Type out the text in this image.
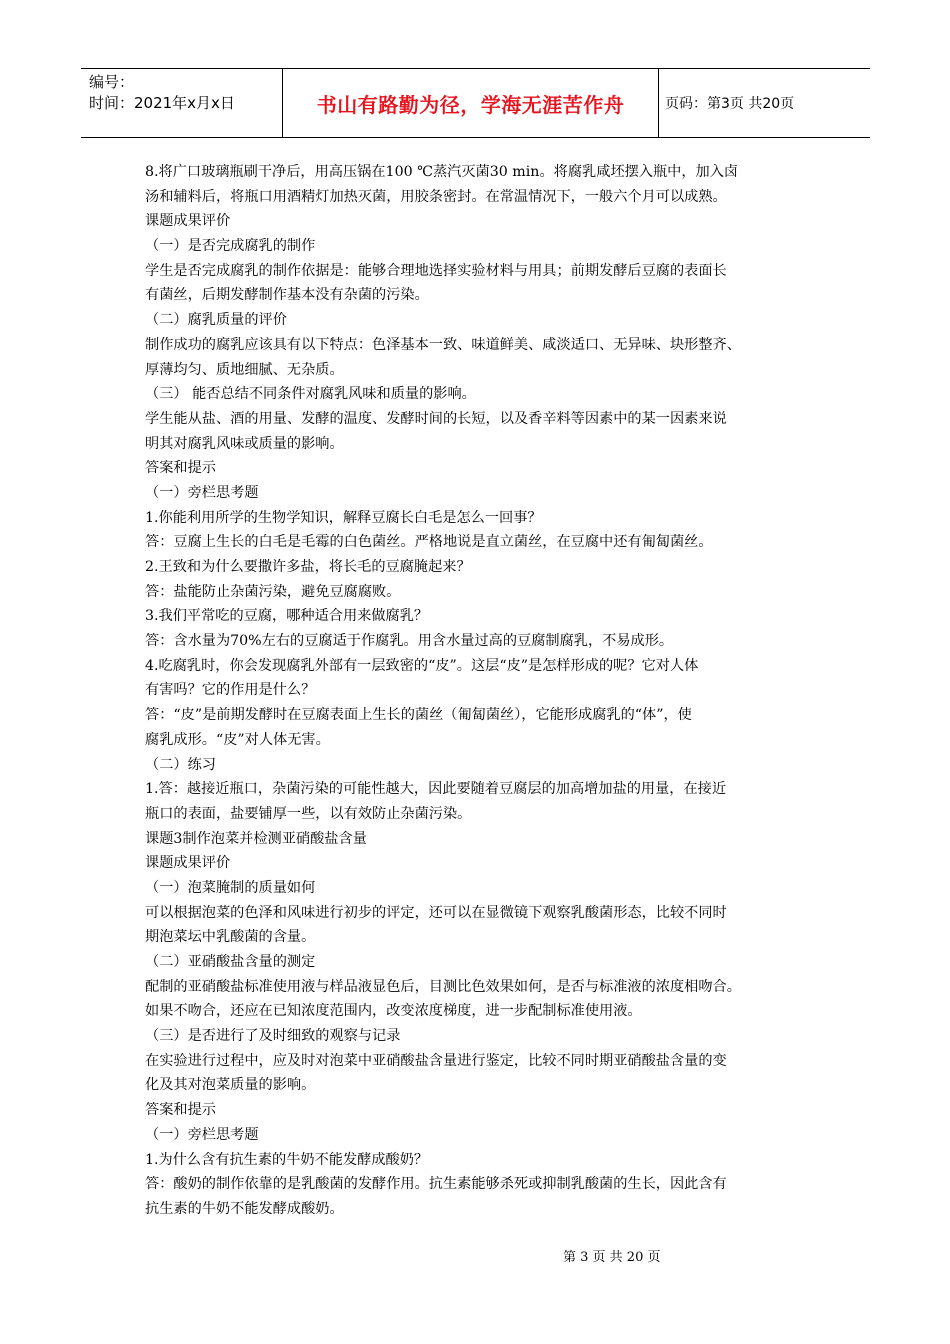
编号：
时间：2021年x月x日	书山有路勤为径，学海无涯苦作舟	页码：第3页 共20页
8.将广口玻璃瓶刷干净后，用高压锅在100 ℃蒸汽灭菌30 min。将腐乳咸坯摆入瓶中，加入卤
汤和辅料后，将瓶口用酒精灯加热灭菌，用胶条密封。在常温情况下，一般六个月可以成熟。
课题成果评价
（一）是否完成腐乳的制作
学生是否完成腐乳的制作依据是：能够合理地选择实验材料与用具；前期发酵后豆腐的表面长
有菌丝，后期发酵制作基本没有杂菌的污染。
（二）腐乳质量的评价
制作成功的腐乳应该具有以下特点：色泽基本一致、味道鲜美、咸淡适口、无异味、块形整齐、
厚薄均匀、质地细腻、无杂质。
（三） 能否总结不同条件对腐乳风味和质量的影响。
学生能从盐、酒的用量、发酵的温度、发酵时间的长短，以及香辛料等因素中的某一因素来说
明其对腐乳风味或质量的影响。
答案和提示
（一）旁栏思考题
1.你能利用所学的生物学知识，解释豆腐长白毛是怎么一回事？
答：豆腐上生长的白毛是毛霉的白色菌丝。严格地说是直立菌丝，在豆腐中还有匍匐菌丝。
2.王致和为什么要撒许多盐，将长毛的豆腐腌起来？
答：盐能防止杂菌污染，避免豆腐腐败。
3.我们平常吃的豆腐，哪种适合用来做腐乳？
答：含水量为70%左右的豆腐适于作腐乳。用含水量过高的豆腐制腐乳，不易成形。
4.吃腐乳时，你会发现腐乳外部有一层致密的“皮”。这层“皮”是怎样形成的呢？它对人体
有害吗？它的作用是什么？
答：“皮”是前期发酵时在豆腐表面上生长的菌丝（匍匐菌丝），它能形成腐乳的“体”，使
腐乳成形。“皮”对人体无害。
（二）练习
1.答：越接近瓶口，杂菌污染的可能性越大，因此要随着豆腐层的加高增加盐的用量，在接近
瓶口的表面，盐要铺厚一些，以有效防止杂菌污染。
课题3制作泡菜并检测亚硝酸盐含量
课题成果评价
（一）泡菜腌制的质量如何
可以根据泡菜的色泽和风味进行初步的评定，还可以在显微镜下观察乳酸菌形态，比较不同时
期泡菜坛中乳酸菌的含量。
（二）亚硝酸盐含量的测定
配制的亚硝酸盐标准使用液与样品液显色后，目测比色效果如何，是否与标准液的浓度相吻合。
如果不吻合，还应在已知浓度范围内，改变浓度梯度，进一步配制标准使用液。
（三）是否进行了及时细致的观察与记录
在实验进行过程中，应及时对泡菜中亚硝酸盐含量进行鉴定，比较不同时期亚硝酸盐含量的变
化及其对泡菜质量的影响。
答案和提示
（一）旁栏思考题
1.为什么含有抗生素的牛奶不能发酵成酸奶？
答：酸奶的制作依靠的是乳酸菌的发酵作用。抗生素能够杀死或抑制乳酸菌的生长，因此含有
抗生素的牛奶不能发酵成酸奶。
第 3 页 共 20 页
